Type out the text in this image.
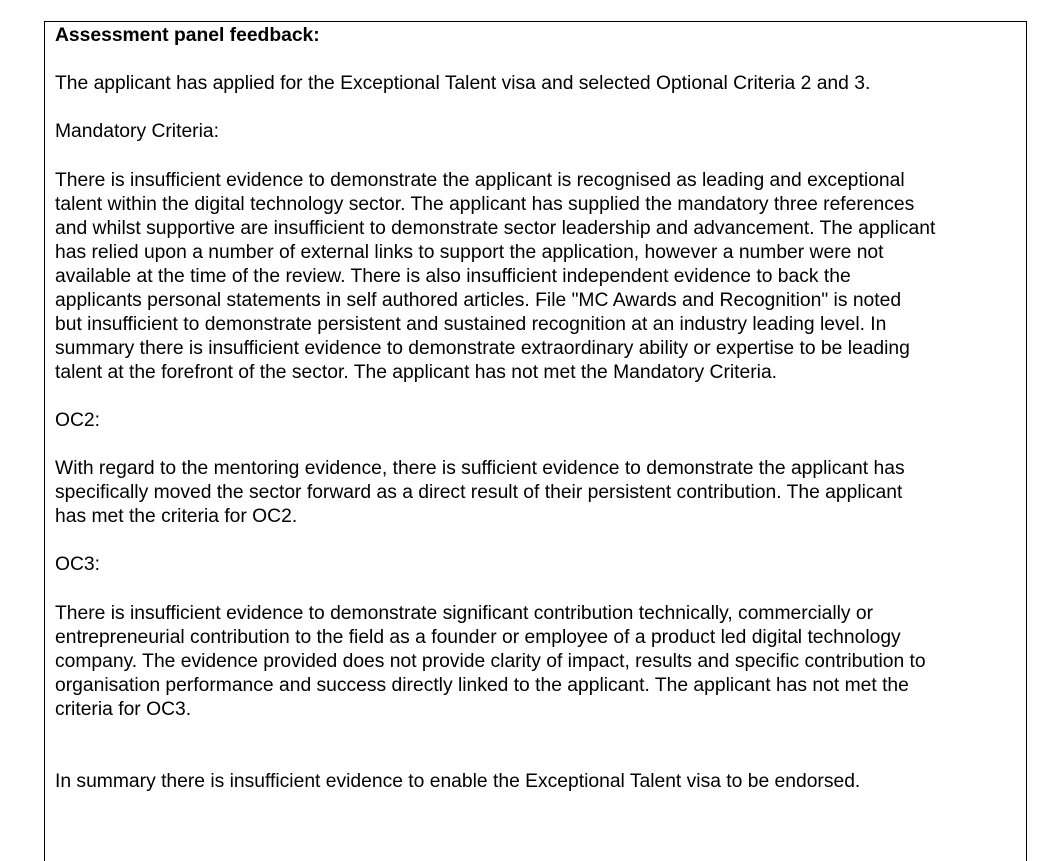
Assessment panel feedback:
The applicant has applied for the Exceptional Talent visa and selected Optional Criteria 2 and 3.
Mandatory Criteria:
There is insufficient evidence to demonstrate the applicant is recognised as leading and exceptional
talent within the digital technology sector. The applicant has supplied the mandatory three references
and whilst supportive are insufficient to demonstrate sector leadership and advancement. The applicant
has relied upon a number of external links to support the application, however a number were not
available at the time of the review. There is also insufficient independent evidence to back the
applicants personal statements in self authored articles. File "MC Awards and Recognition" is noted
but insufficient to demonstrate persistent and sustained recognition at an industry leading level. In
summary there is insufficient evidence to demonstrate extraordinary ability or expertise to be leading
talent at the forefront of the sector. The applicant has not met the Mandatory Criteria.
OC2:
With regard to the mentoring evidence, there is sufficient evidence to demonstrate the applicant has
specifically moved the sector forward as a direct result of their persistent contribution. The applicant
has met the criteria for OC2.
OC3:
There is insufficient evidence to demonstrate significant contribution technically, commercially or
entrepreneurial contribution to the field as a founder or employee of a product led digital technology
company. The evidence provided does not provide clarity of impact, results and specific contribution to
organisation performance and success directly linked to the applicant. The applicant has not met the
criteria for OC3.
In summary there is insufficient evidence to enable the Exceptional Talent visa to be endorsed.
